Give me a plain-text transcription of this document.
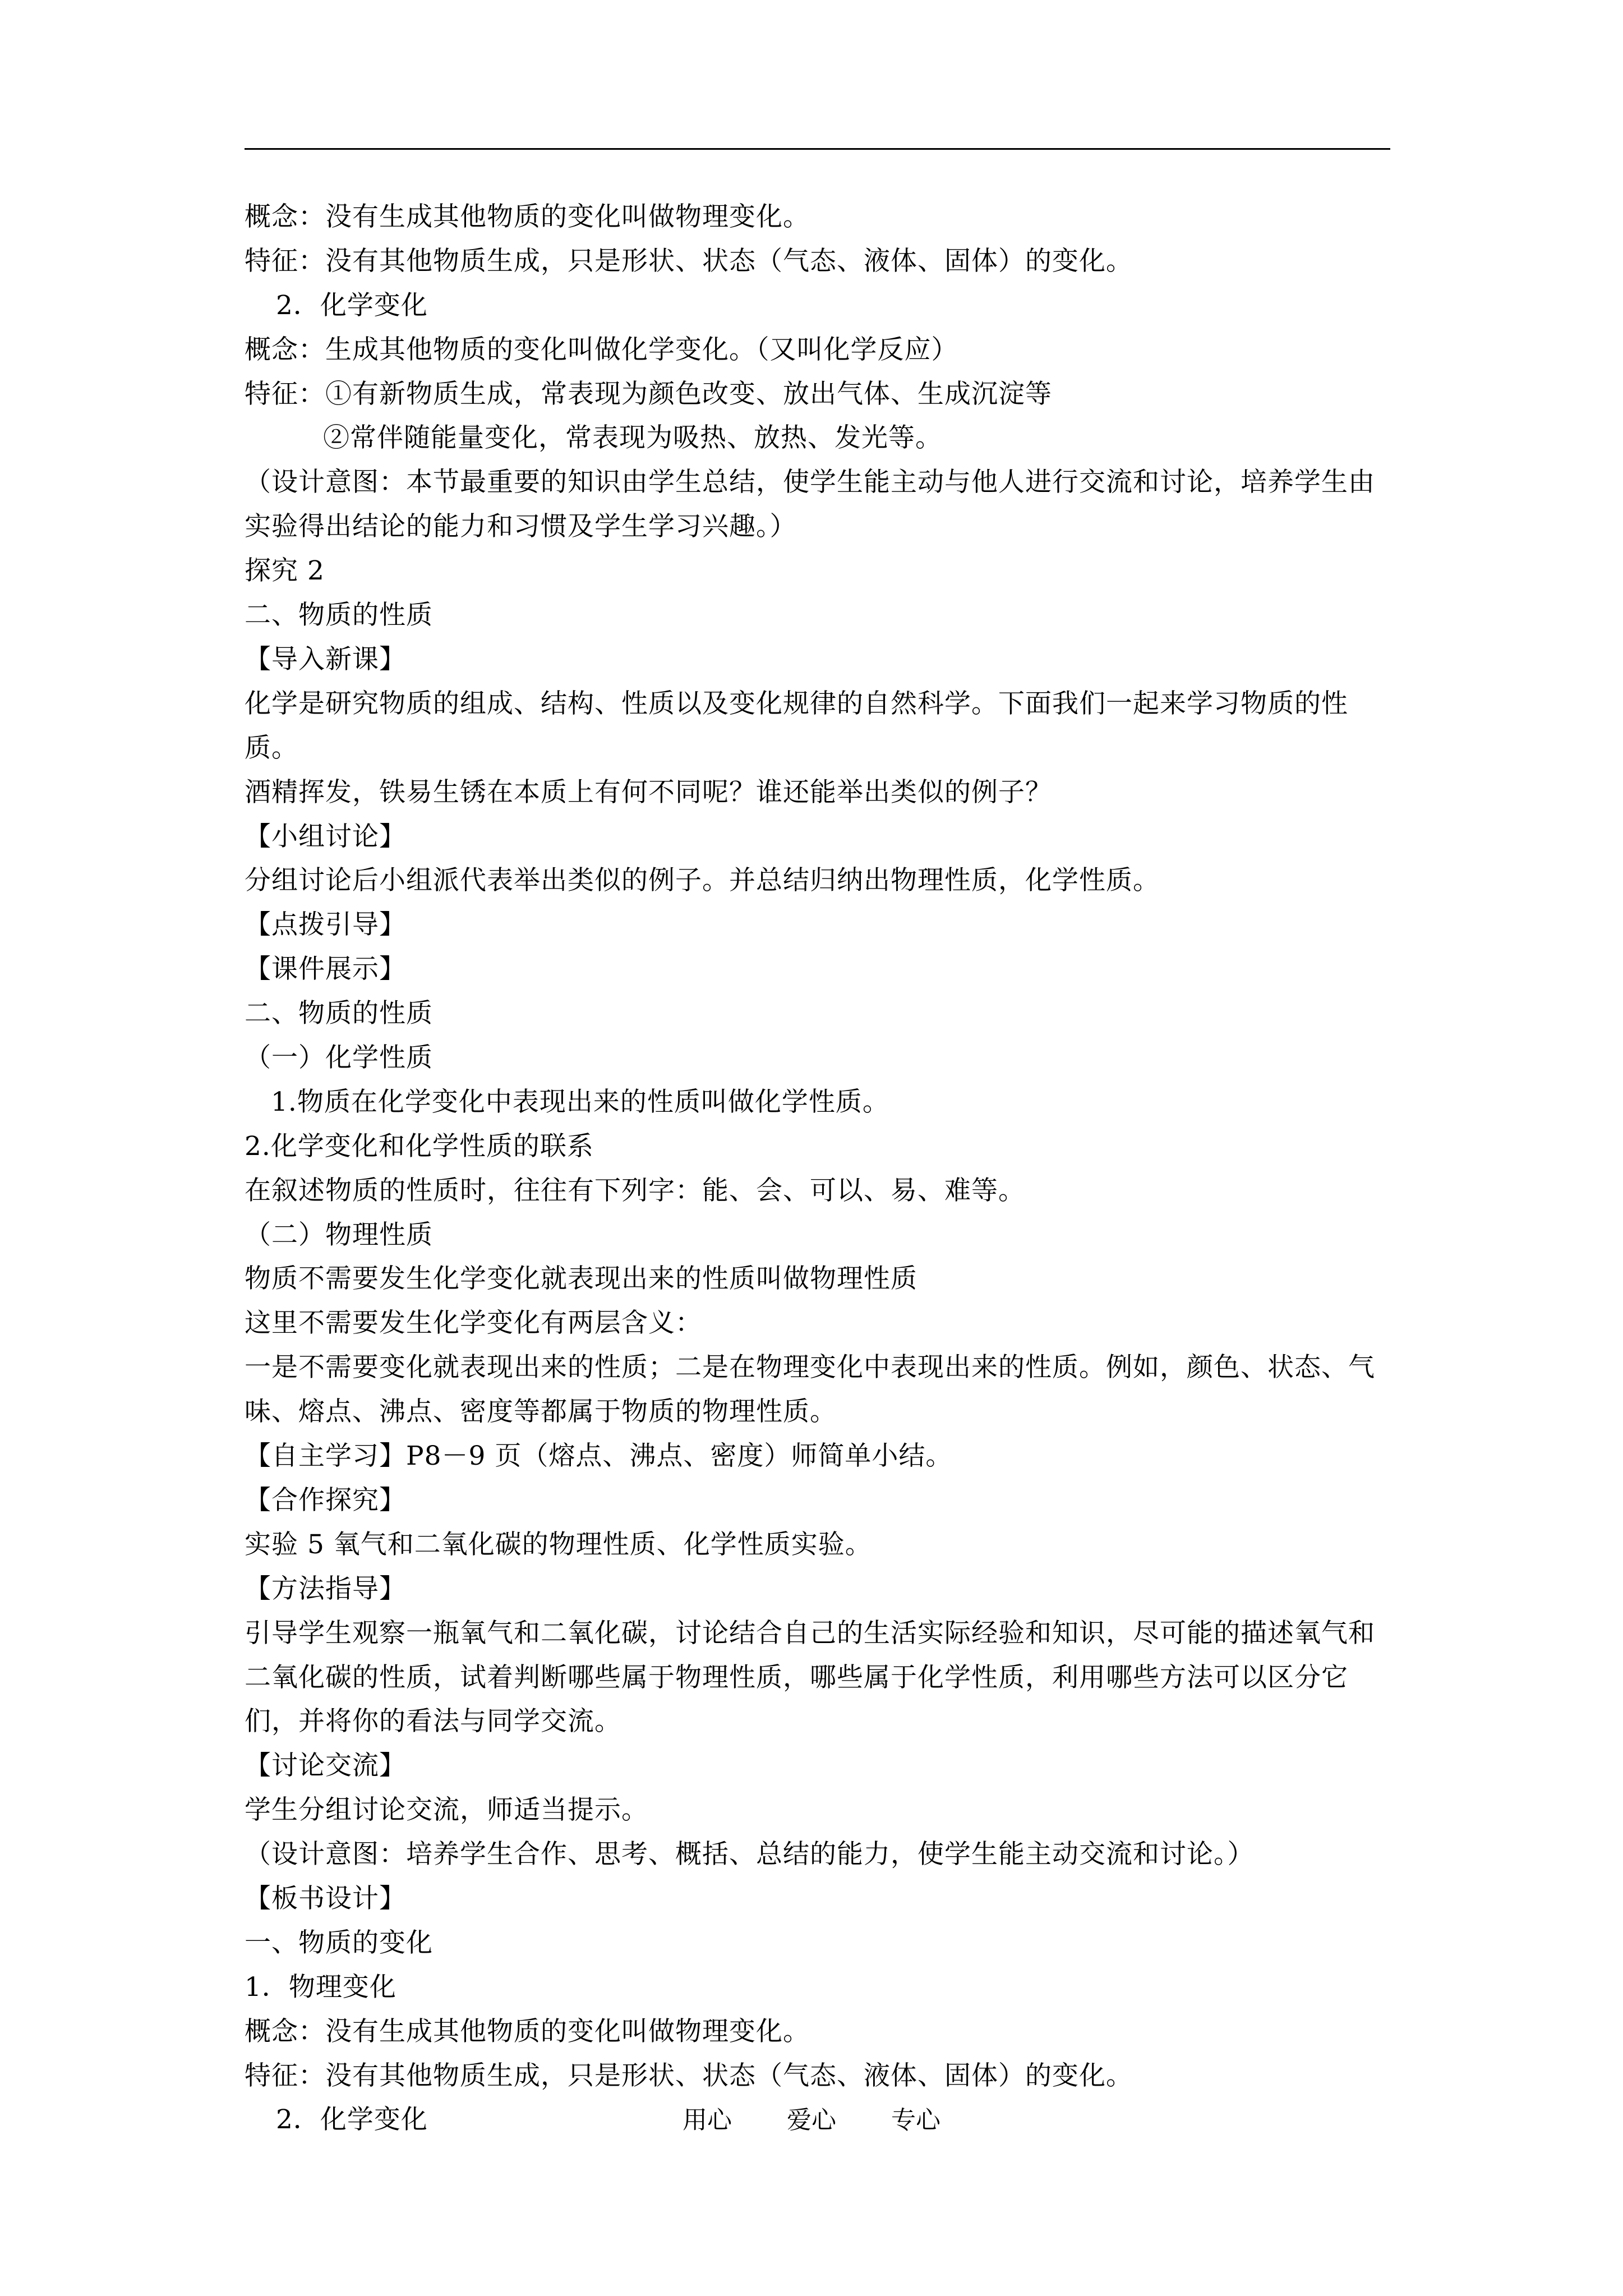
概念：没有生成其他物质的变化叫做物理变化。
特征：没有其他物质生成，只是形状、状态（气态、液体、固体）的变化。
2．化学变化
概念：生成其他物质的变化叫做化学变化。（又叫化学反应）
特征：①有新物质生成，常表现为颜色改变、放出气体、生成沉淀等
②常伴随能量变化，常表现为吸热、放热、发光等。
（设计意图：本节最重要的知识由学生总结，使学生能主动与他人进行交流和讨论，培养学生由实验得出结论的能力和习惯及学生学习兴趣。）
探究 2
二、物质的性质
【导入新课】
化学是研究物质的组成、结构、性质以及变化规律的自然科学。下面我们一起来学习物质的性质。
酒精挥发，铁易生锈在本质上有何不同呢？谁还能举出类似的例子？
【小组讨论】
分组讨论后小组派代表举出类似的例子。并总结归纳出物理性质，化学性质。
【点拨引导】
【课件展示】
二、物质的性质
（一）化学性质
1.物质在化学变化中表现出来的性质叫做化学性质。
2.化学变化和化学性质的联系
在叙述物质的性质时，往往有下列字：能、会、可以、易、难等。
（二）物理性质
物质不需要发生化学变化就表现出来的性质叫做物理性质
这里不需要发生化学变化有两层含义：
一是不需要变化就表现出来的性质；二是在物理变化中表现出来的性质。例如，颜色、状态、气味、熔点、沸点、密度等都属于物质的物理性质。
【自主学习】P8－9 页（熔点、沸点、密度）师简单小结。
【合作探究】
实验 5 氧气和二氧化碳的物理性质、化学性质实验。
【方法指导】
引导学生观察一瓶氧气和二氧化碳，讨论结合自己的生活实际经验和知识，尽可能的描述氧气和二氧化碳的性质，试着判断哪些属于物理性质，哪些属于化学性质，利用哪些方法可以区分它们，并将你的看法与同学交流。
【讨论交流】
学生分组讨论交流，师适当提示。
（设计意图：培养学生合作、思考、概括、总结的能力，使学生能主动交流和讨论。）
【板书设计】
一、物质的变化
1．物理变化
概念：没有生成其他物质的变化叫做物理变化。
特征：没有其他物质生成，只是形状、状态（气态、液体、固体）的变化。
2．化学变化	用心 爱心 专心
